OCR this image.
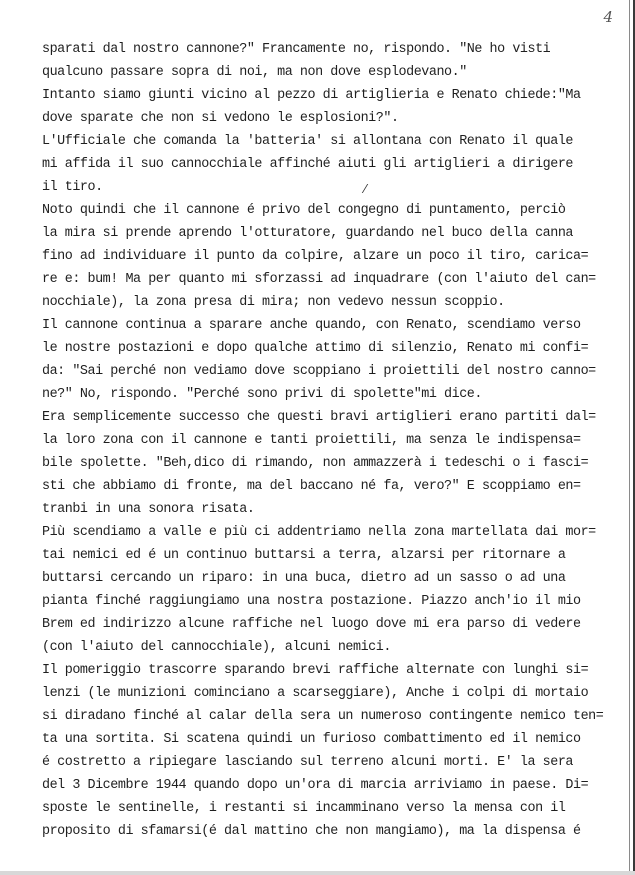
4
sparati dal nostro cannone?" Francamente no, rispondo. "Ne ho visti
qualcuno passare sopra di noi, ma non dove esplodevano."
Intanto siamo giunti vicino al pezzo di artiglieria e Renato chiede:"Ma
dove sparate che non si vedono le esplosioni?".
L'Ufficiale che comanda la 'batteria' si allontana con Renato il quale
mi affida il suo cannocchiale affinché aiuti gli artiglieri a dirigere
il tiro.
Noto quindi che il cannone é privo del congegno di puntamento, perciò
la mira si prende aprendo l'otturatore, guardando nel buco della canna
fino ad individuare il punto da colpire, alzare un poco il tiro, carica=
re e: bum! Ma per quanto mi sforzassi ad inquadrare (con l'aiuto del can=
nocchiale), la zona presa di mira; non vedevo nessun scoppio.
Il cannone continua a sparare anche quando, con Renato, scendiamo verso
le nostre postazioni e dopo qualche attimo di silenzio, Renato mi confi=
da: "Sai perché non vediamo dove scoppiano i proiettili del nostro canno=
ne?" No, rispondo. "Perché sono privi di spolette"mi dice.
Era semplicemente successo che questi bravi artiglieri erano partiti dal=
la loro zona con il cannone e tanti proiettili, ma senza le indispensa=
bile spolette. "Beh,dico di rimando, non ammazzerà i tedeschi o i fasci=
sti che abbiamo di fronte, ma del baccano né fa, vero?" E scoppiamo en=
tranbi in una sonora risata.
Più scendiamo a valle e più ci addentriamo nella zona martellata dai mor=
tai nemici ed é un continuo buttarsi a terra, alzarsi per ritornare a
buttarsi cercando un riparo: in una buca, dietro ad un sasso o ad una
pianta finché raggiungiamo una nostra postazione. Piazzo anch'io il mio
Brem ed indirizzo alcune raffiche nel luogo dove mi era parso di vedere
(con l'aiuto del cannocchiale), alcuni nemici.
Il pomeriggio trascorre sparando brevi raffiche alternate con lunghi si=
lenzi (le munizioni cominciano a scarseggiare), Anche i colpi di mortaio
si diradano finché al calar della sera un numeroso contingente nemico ten=
ta una sortita. Si scatena quindi un furioso combattimento ed il nemico
é costretto a ripiegare lasciando sul terreno alcuni morti. E' la sera
del 3 Dicembre 1944 quando dopo un'ora di marcia arriviamo in paese. Di=
sposte le sentinelle, i restanti si incamminano verso la mensa con il
proposito di sfamarsi(é dal mattino che non mangiamo), ma la dispensa é
⁄
